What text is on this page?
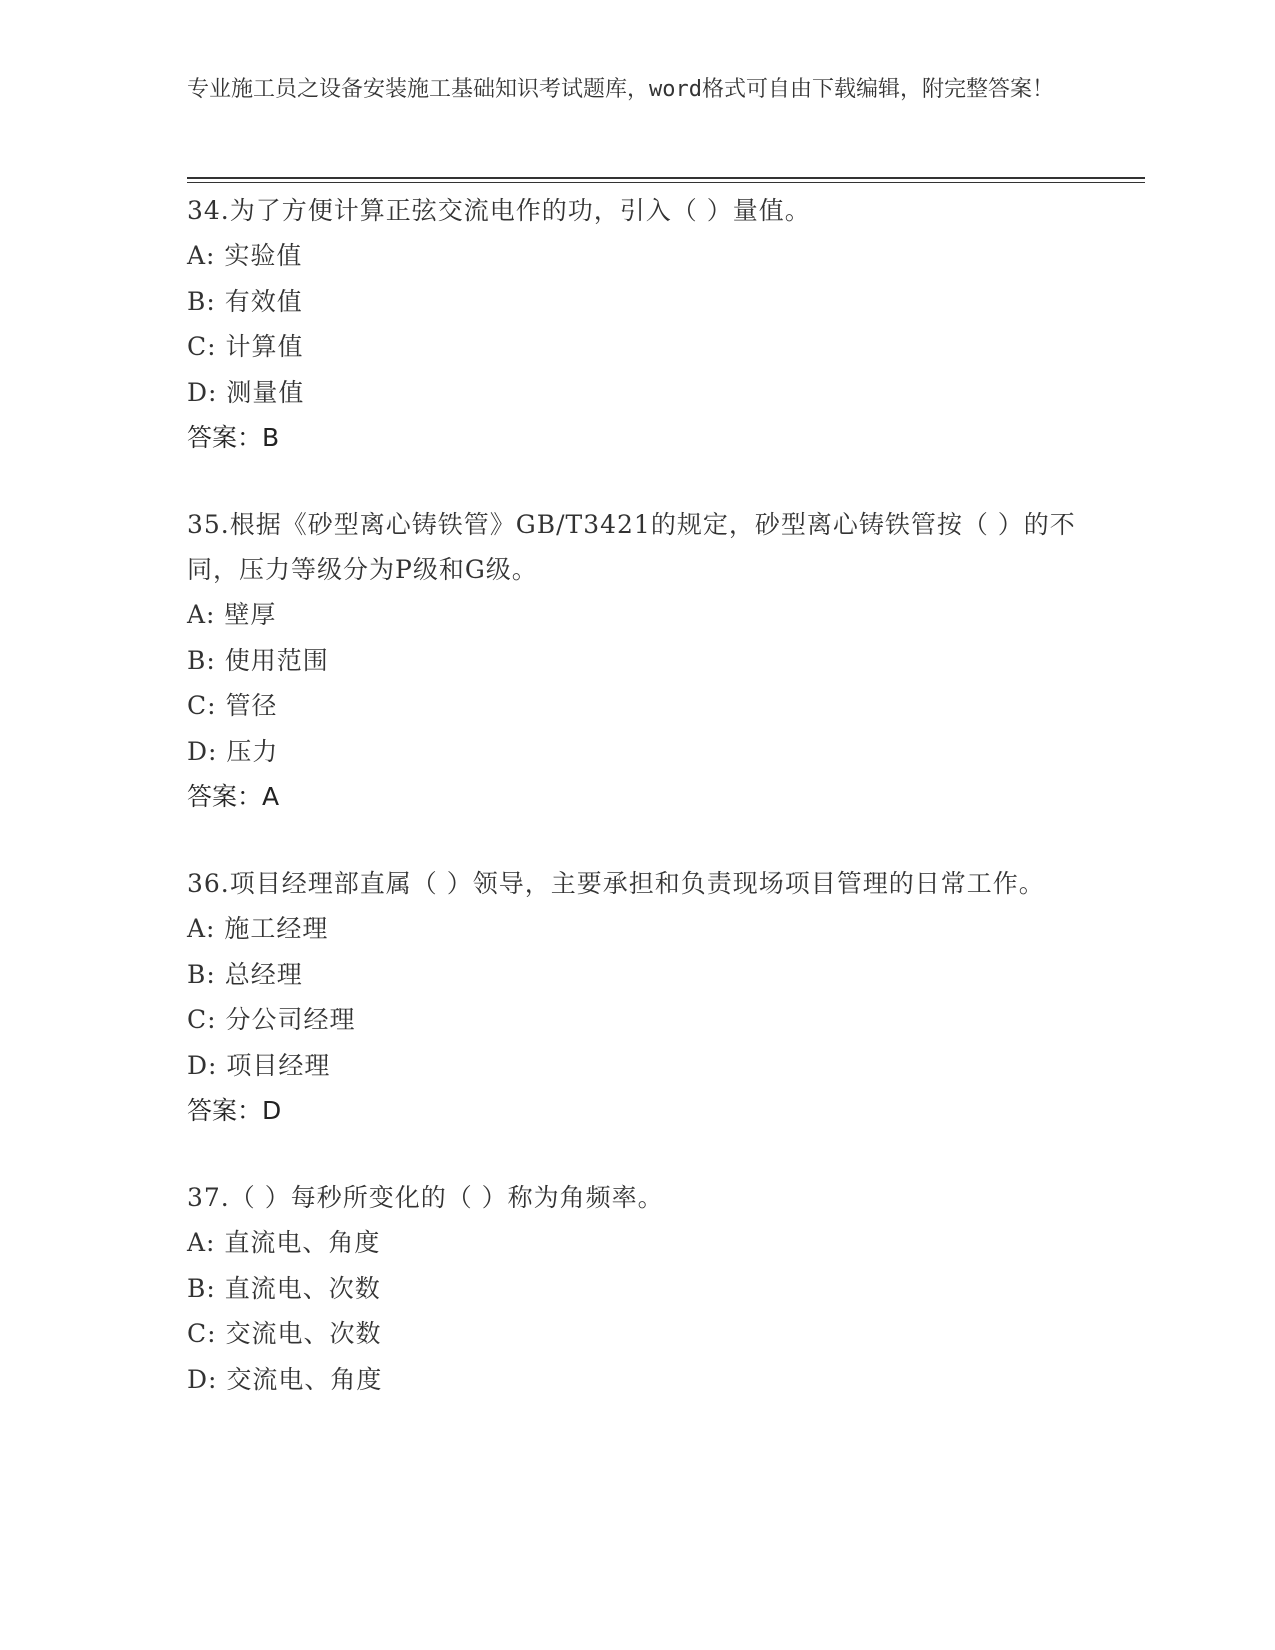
专业施工员之设备安装施工基础知识考试题库，word格式可自由下载编辑，附完整答案！
34.为了方便计算正弦交流电作的功，引入（ ）量值。
A: 实验值
B: 有效值
C: 计算值
D: 测量值
答案：B
35.根据《砂型离心铸铁管》GB/T3421的规定，砂型离心铸铁管按（ ）的不同，压力等级分为P级和G级。
A: 壁厚
B: 使用范围
C: 管径
D: 压力
答案：A
36.项目经理部直属（ ）领导，主要承担和负责现场项目管理的日常工作。
A: 施工经理
B: 总经理
C: 分公司经理
D: 项目经理
答案：D
37.（ ）每秒所变化的（ ）称为角频率。
A: 直流电、角度
B: 直流电、次数
C: 交流电、次数
D: 交流电、角度
